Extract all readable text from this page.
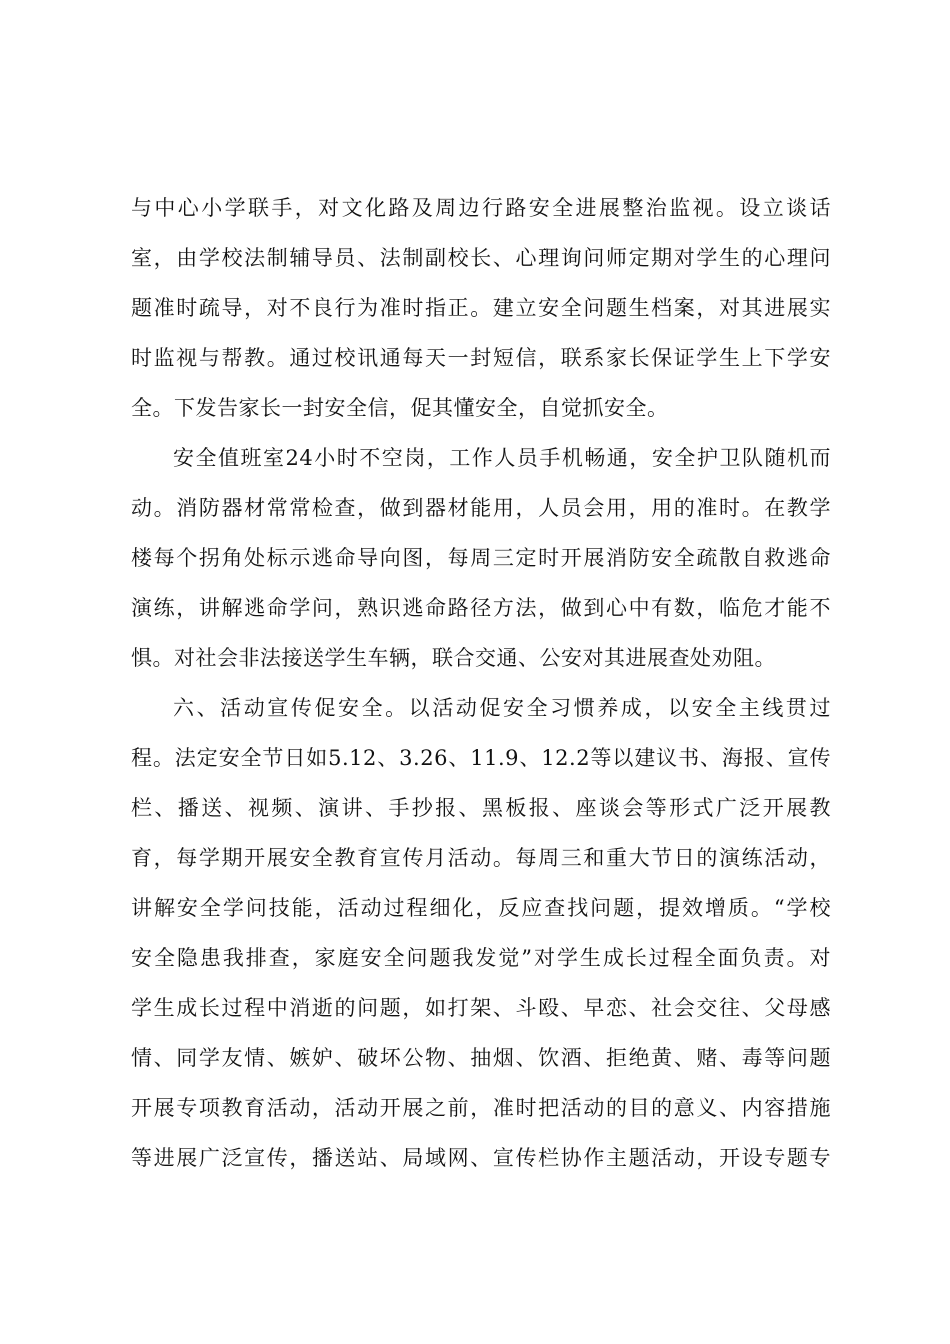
与中心小学联手，对文化路及周边行路安全进展整治监视。设立谈话
室，由学校法制辅导员、法制副校长、心理询问师定期对学生的心理问
题准时疏导，对不良行为准时指正。建立安全问题生档案，对其进展实
时监视与帮教。通过校讯通每天一封短信，联系家长保证学生上下学安
全。下发告家长一封安全信，促其懂安全，自觉抓安全。
安全值班室24小时不空岗，工作人员手机畅通，安全护卫队随机而
动。消防器材常常检查，做到器材能用，人员会用，用的准时。在教学
楼每个拐角处标示逃命导向图，每周三定时开展消防安全疏散自救逃命
演练，讲解逃命学问，熟识逃命路径方法，做到心中有数，临危才能不
惧。对社会非法接送学生车辆，联合交通、公安对其进展查处劝阻。
六、活动宣传促安全。以活动促安全习惯养成，以安全主线贯过
程。法定安全节日如5.12、3.26、11.9、12.2等以建议书、海报、宣传
栏、播送、视频、演讲、手抄报、黑板报、座谈会等形式广泛开展教
育，每学期开展安全教育宣传月活动。每周三和重大节日的演练活动，
讲解安全学问技能，活动过程细化，反应查找问题，提效增质。“学校
安全隐患我排查，家庭安全问题我发觉”对学生成长过程全面负责。对
学生成长过程中消逝的问题，如打架、斗殴、早恋、社会交往、父母感
情、同学友情、嫉妒、破坏公物、抽烟、饮酒、拒绝黄、赌、毒等问题
开展专项教育活动，活动开展之前，准时把活动的目的意义、内容措施
等进展广泛宣传，播送站、局域网、宣传栏协作主题活动，开设专题专
